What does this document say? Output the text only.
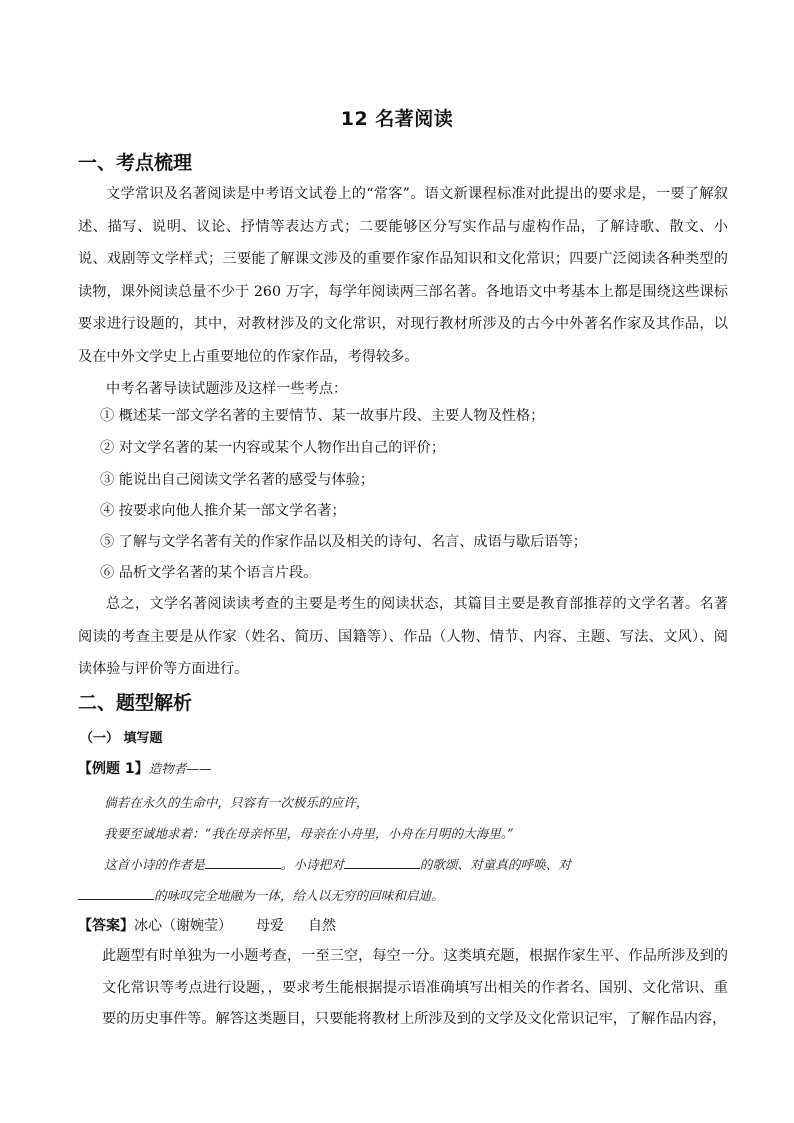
12 名著阅读
一、考点梳理
文学常识及名著阅读是中考语文试卷上的“常客”。语文新课程标准对此提出的要求是，一要了解叙述、描写、说明、议论、抒情等表达方式；二要能够区分写实作品与虚构作品，了解诗歌、散文、小说、戏剧等文学样式；三要能了解课文涉及的重要作家作品知识和文化常识；四要广泛阅读各种类型的读物，课外阅读总量不少于 260 万字，每学年阅读两三部名著。各地语文中考基本上都是围绕这些课标要求进行设题的，其中，对教材涉及的文化常识，对现行教材所涉及的古今中外著名作家及其作品，以及在中外文学史上占重要地位的作家作品，考得较多。
中考名著导读试题涉及这样一些考点：
① 概述某一部文学名著的主要情节、某一故事片段、主要人物及性格；
② 对文学名著的某一内容或某个人物作出自己的评价；
③ 能说出自己阅读文学名著的感受与体验；
④ 按要求向他人推介某一部文学名著；
⑤ 了解与文学名著有关的作家作品以及相关的诗句、名言、成语与歇后语等；
⑥ 品析文学名著的某个语言片段。
总之，文学名著阅读读考查的主要是考生的阅读状态，其篇目主要是教育部推荐的文学名著。名著阅读的考查主要是从作家（姓名、简历、国籍等）、作品（人物、情节、内容、主题、写法、文风）、阅读体验与评价等方面进行。
二、题型解析
（一） 填写题
【例题 1】造物者——
倘若在永久的生命中，只容有一次极乐的应许，
我要至诚地求着：“我在母亲怀里，母亲在小舟里，小舟在月明的大海里。”
这首小诗的作者是	。小诗把对	的歌颂、对童真的呼唤、对
的咏叹完全地融为一体，给人以无穷的回味和启迪。
【答案】冰心（谢婉莹） 母爱 自然
此题型有时单独为一小题考查，一至三空，每空一分。这类填充题，根据作家生平、作品所涉及到的文化常识等考点进行设题，，要求考生能根据提示语准确填写出相关的作者名、国别、文化常识、重要的历史事件等。解答这类题目，只要能将教材上所涉及到的文学及文化常识记牢，了解作品内容，
